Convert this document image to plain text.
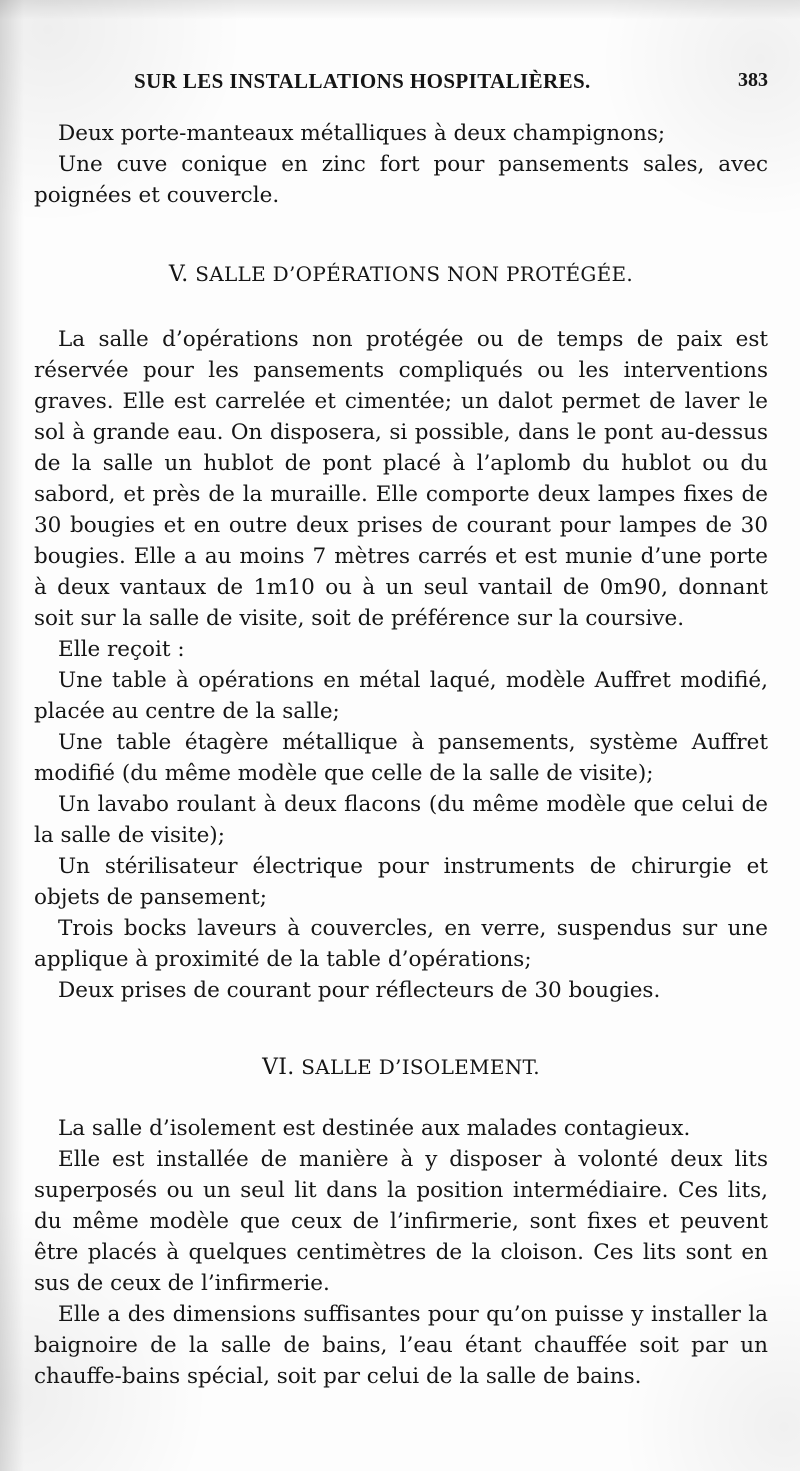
SUR LES INSTALLATIONS HOSPITALIÈRES.	383

Deux porte-manteaux métalliques à deux champignons;

Une cuve conique en zinc fort pour pansements sales, avec poignées et couvercle.

V. SALLE D’OPÉRATIONS NON PROTÉGÉE.

La salle d’opérations non protégée ou de temps de paix est réservée pour les pansements compliqués ou les interventions graves. Elle est carrelée et cimentée; un dalot permet de laver le sol à grande eau. On disposera, si possible, dans le pont au-dessus de la salle un hublot de pont placé à l’aplomb du hublot ou du sabord, et près de la muraille. Elle comporte deux lampes fixes de 30 bougies et en outre deux prises de courant pour lampes de 30 bougies. Elle a au moins 7 mètres carrés et est munie d’une porte à deux vantaux de 1m10 ou à un seul vantail de 0m90, donnant soit sur la salle de visite, soit de préférence sur la coursive.

Elle reçoit :

Une table à opérations en métal laqué, modèle Auffret modifié, placée au centre de la salle;

Une table étagère métallique à pansements, système Auffret modifié (du même modèle que celle de la salle de visite);

Un lavabo roulant à deux flacons (du même modèle que celui de la salle de visite);

Un stérilisateur électrique pour instruments de chirurgie et objets de pansement;

Trois bocks laveurs à couvercles, en verre, suspendus sur une applique à proximité de la table d’opérations;

Deux prises de courant pour réflecteurs de 30 bougies.

VI. SALLE D’ISOLEMENT.

La salle d’isolement est destinée aux malades contagieux.

Elle est installée de manière à y disposer à volonté deux lits superposés ou un seul lit dans la position intermédiaire. Ces lits, du même modèle que ceux de l’infirmerie, sont fixes et peuvent être placés à quelques centimètres de la cloison. Ces lits sont en sus de ceux de l’infirmerie.

Elle a des dimensions suffisantes pour qu’on puisse y installer la baignoire de la salle de bains, l’eau étant chauffée soit par un chauffe-bains spécial, soit par celui de la salle de bains.
